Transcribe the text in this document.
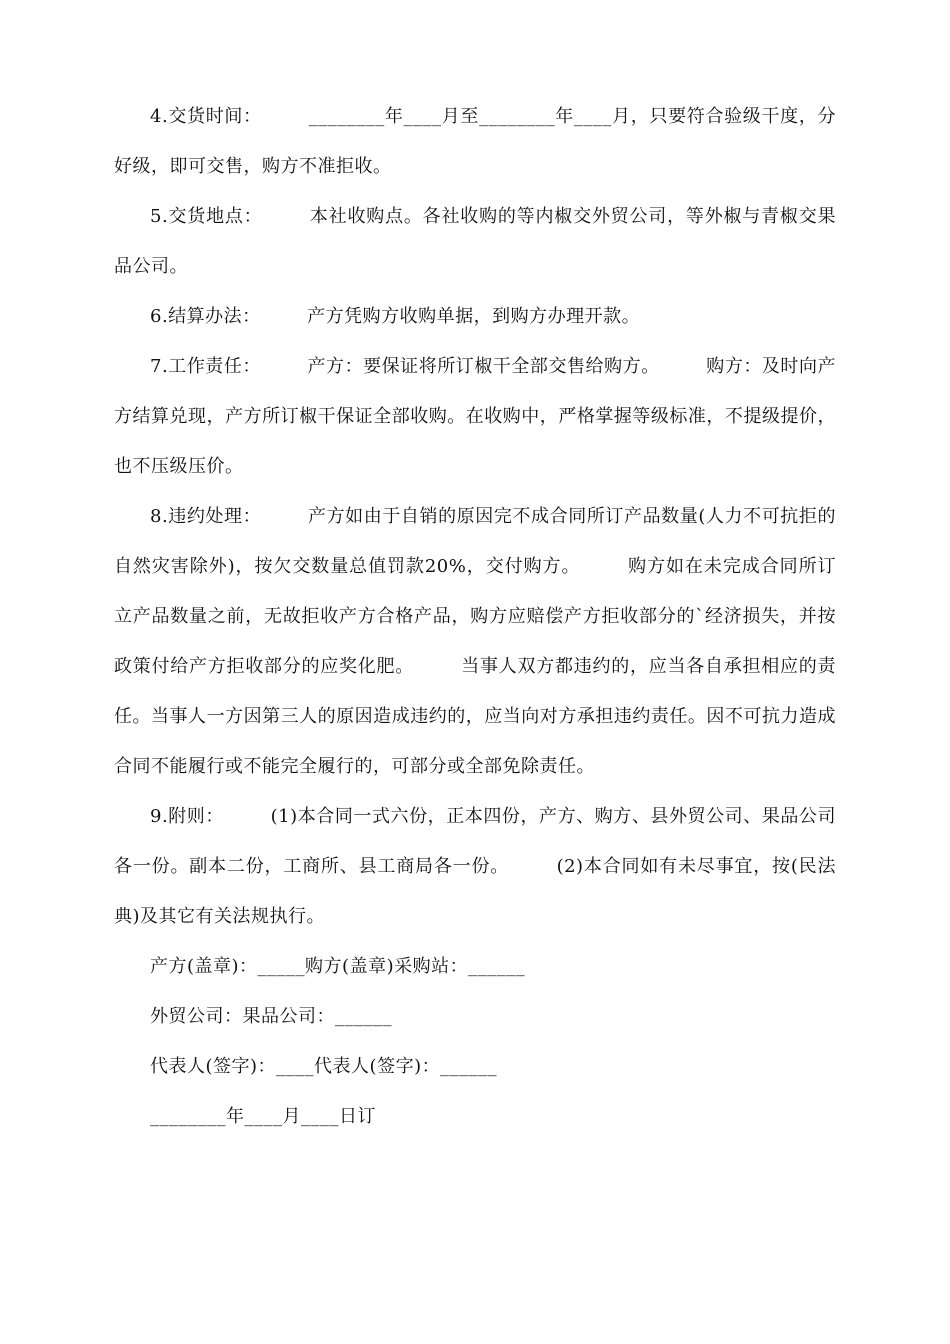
4.交货时间：　　　________年____月至________年____月，只要符合验级干度，分好级，即可交售，购方不准拒收。

5.交货地点：　　　本社收购点。各社收购的等内椒交外贸公司，等外椒与青椒交果品公司。

6.结算办法：　　　产方凭购方收购单据，到购方办理开款。

7.工作责任：　　　产方：要保证将所订椒干全部交售给购方。　　　购方：及时向产方结算兑现，产方所订椒干保证全部收购。在收购中，严格掌握等级标准，不提级提价，也不压级压价。

8.违约处理：　　　产方如由于自销的原因完不成合同所订产品数量(人力不可抗拒的自然灾害除外)，按欠交数量总值罚款20%，交付购方。　　　购方如在未完成合同所订立产品数量之前，无故拒收产方合格产品，购方应赔偿产方拒收部分的`经济损失，并按政策付给产方拒收部分的应奖化肥。　　　当事人双方都违约的，应当各自承担相应的责任。当事人一方因第三人的原因造成违约的，应当向对方承担违约责任。因不可抗力造成合同不能履行或不能完全履行的，可部分或全部免除责任。

9.附则：　　　(1)本合同一式六份，正本四份，产方、购方、县外贸公司、果品公司各一份。副本二份，工商所、县工商局各一份。　　　(2)本合同如有未尽事宜，按(民法典)及其它有关法规执行。

产方(盖章)：_____购方(盖章)采购站：______

外贸公司：果品公司：______

代表人(签字)：____代表人(签字)：______

________年____月____日订
